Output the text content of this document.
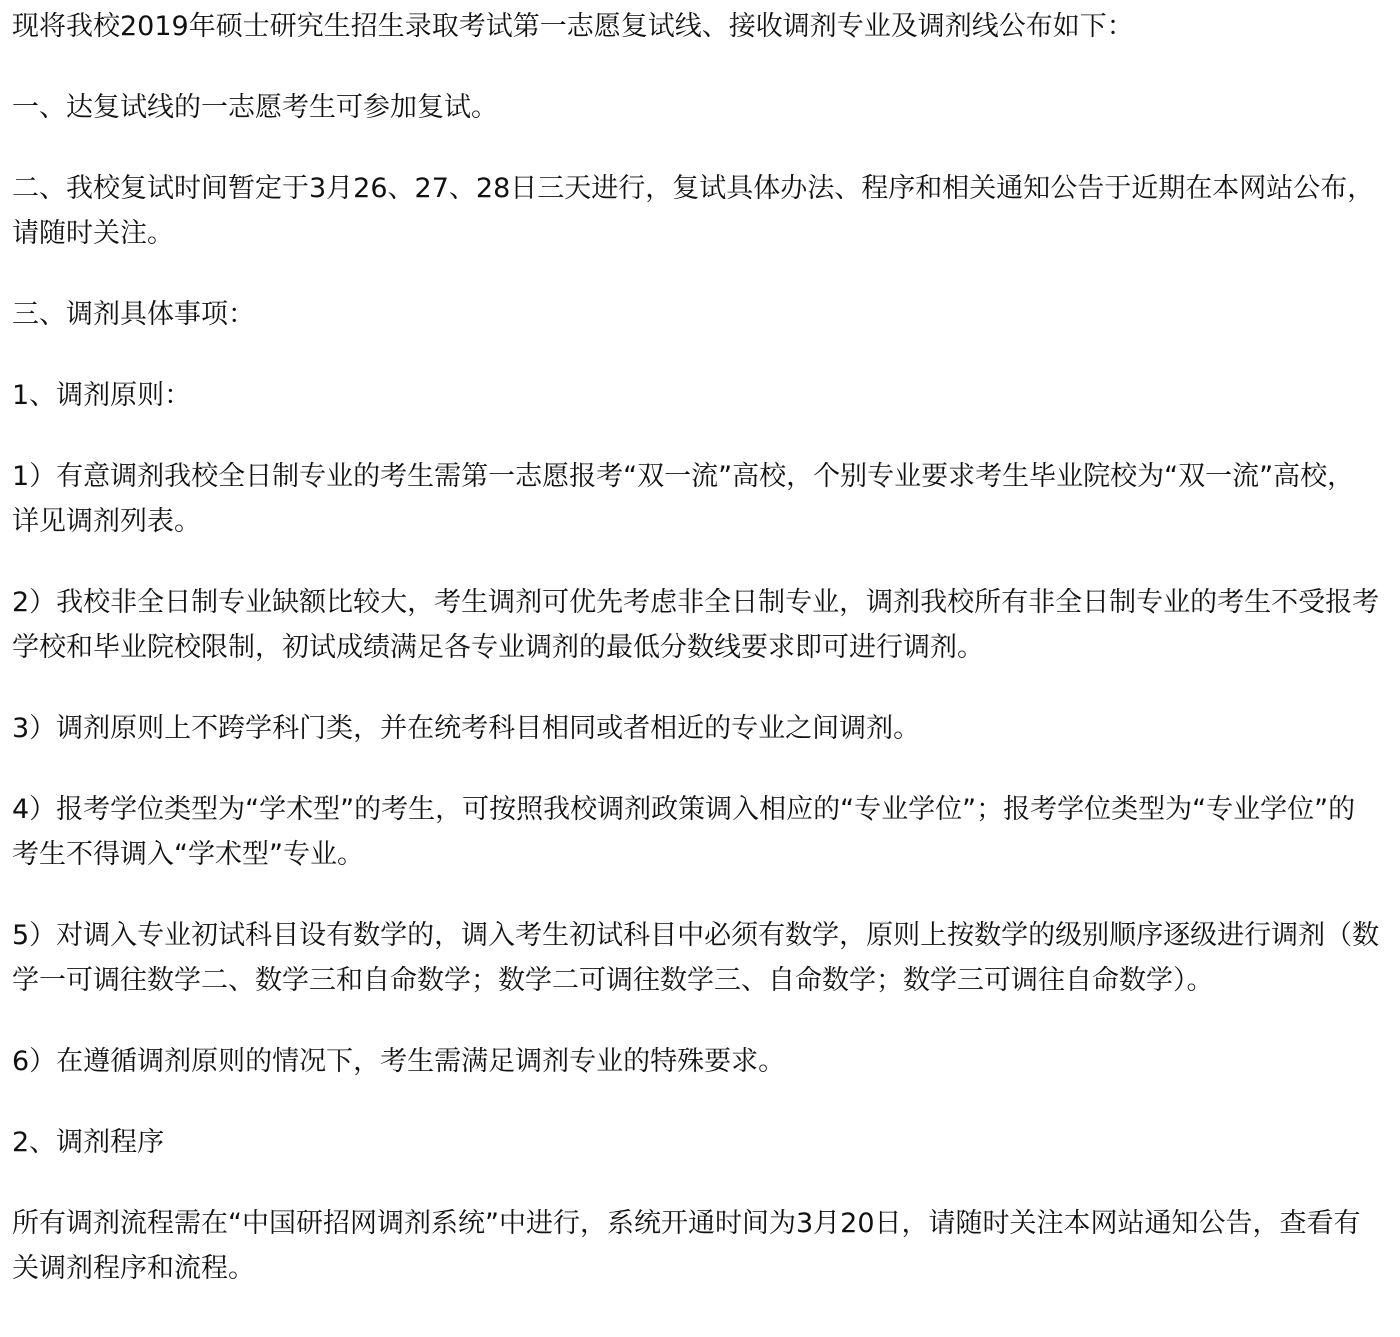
现将我校2019年硕士研究生招生录取考试第一志愿复试线、接收调剂专业及调剂线公布如下：

一、达复试线的一志愿考生可参加复试。

二、我校复试时间暂定于3月26、27、28日三天进行，复试具体办法、程序和相关通知公告于近期在本网站公布，请随时关注。

三、调剂具体事项：

1、调剂原则：

1）有意调剂我校全日制专业的考生需第一志愿报考“双一流”高校，个别专业要求考生毕业院校为“双一流”高校，详见调剂列表。

2）我校非全日制专业缺额比较大，考生调剂可优先考虑非全日制专业，调剂我校所有非全日制专业的考生不受报考学校和毕业院校限制，初试成绩满足各专业调剂的最低分数线要求即可进行调剂。

3）调剂原则上不跨学科门类，并在统考科目相同或者相近的专业之间调剂。

4）报考学位类型为“学术型”的考生，可按照我校调剂政策调入相应的“专业学位”；报考学位类型为“专业学位”的考生不得调入“学术型”专业。

5）对调入专业初试科目设有数学的，调入考生初试科目中必须有数学，原则上按数学的级别顺序逐级进行调剂（数学一可调往数学二、数学三和自命数学；数学二可调往数学三、自命数学；数学三可调往自命数学）。

6）在遵循调剂原则的情况下，考生需满足调剂专业的特殊要求。

2、调剂程序

所有调剂流程需在“中国研招网调剂系统”中进行，系统开通时间为3月20日，请随时关注本网站通知公告，查看有关调剂程序和流程。
